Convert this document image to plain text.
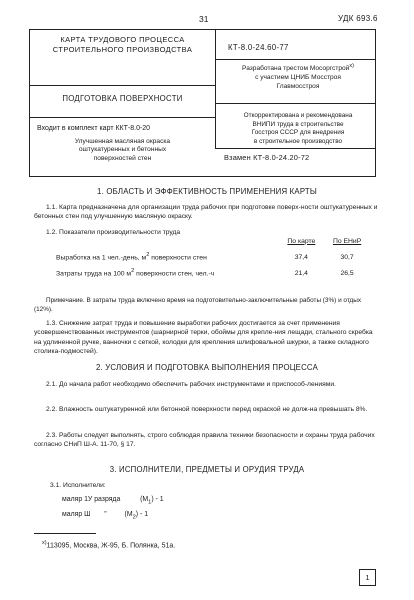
31	УДК 693.6
КАРТА ТРУДОВОГО ПРОЦЕССА
СТРОИТЕЛЬНОГО ПРОИЗВОДСТВА	КТ-8.0-24.60-77
Разработана трестом Мосоргстрой$^{x)}$
с участием ЦНИБ Мосстроя
Главмосстроя
ПОДГОТОВКА ПОВЕРХНОСТИ
Откорректирована и рекомендована
ВНИПИ труда в строительстве
Госстроя СССР для внедрения
в строительное производство
Входит в комплект карт ККТ-8.0-20
Улучшенная масляная окраска
оштукатуренных и бетонных
поверхностей стен	Взамен КТ-8.0-24.20-72
1. ОБЛАСТЬ И ЭФФЕКТИВНОСТЬ ПРИМЕНЕНИЯ КАРТЫ
1.1. Карта предназначена для организации труда рабочих при подготовке поверх-ности оштукатуренных и бетонных стен под улучшенную масляную окраску.
1.2. Показатели производительности труда
	По карте	По ЕНиР
Выработка на 1 чел.-день, $м^2$ поверхности стен	37,4	30,7
Затраты труда на 100 $м^2$ поверхности стен, чел.-ч	21,4	26,5
Примечание. В затраты труда включено время на подготовительно-заключительные работы (3%) и отдых (12%).
1.3. Снижение затрат труда и повышение выработки рабочих достигается за счет применения усовершенствованных инструментов (шарнирной терки, обоймы для крепле-ния лещади, стального скребка на удлиненной ручке, ванночки с сеткой, колодки для крепления шлифовальной шкурки, а также складного столика-подмостей).
2. УСЛОВИЯ И ПОДГОТОВКА ВЫПОЛНЕНИЯ ПРОЦЕССА
2.1. До начала работ необходимо обеспечить рабочих инструментами и приспособ-лениями.
2.2. Влажность оштукатуренной или бетонной поверхности перед окраской не долж-на превышать 8%.
2.3. Работы следует выполнять, строго соблюдая правила техники безопасности и охраны труда рабочих согласно СНиП Ш-А. 11-70, § 17.
3. ИСПОЛНИТЕЛИ, ПРЕДМЕТЫ И ОРУДИЯ ТРУДА
3.1. Исполнители:
маляр 1У разряда	$(М_1) - 1$
маляр Ш "	$(М_2) - 1$
$^{x)}$113095, Москва, Ж-95, Б. Полянка, 51а.
1
